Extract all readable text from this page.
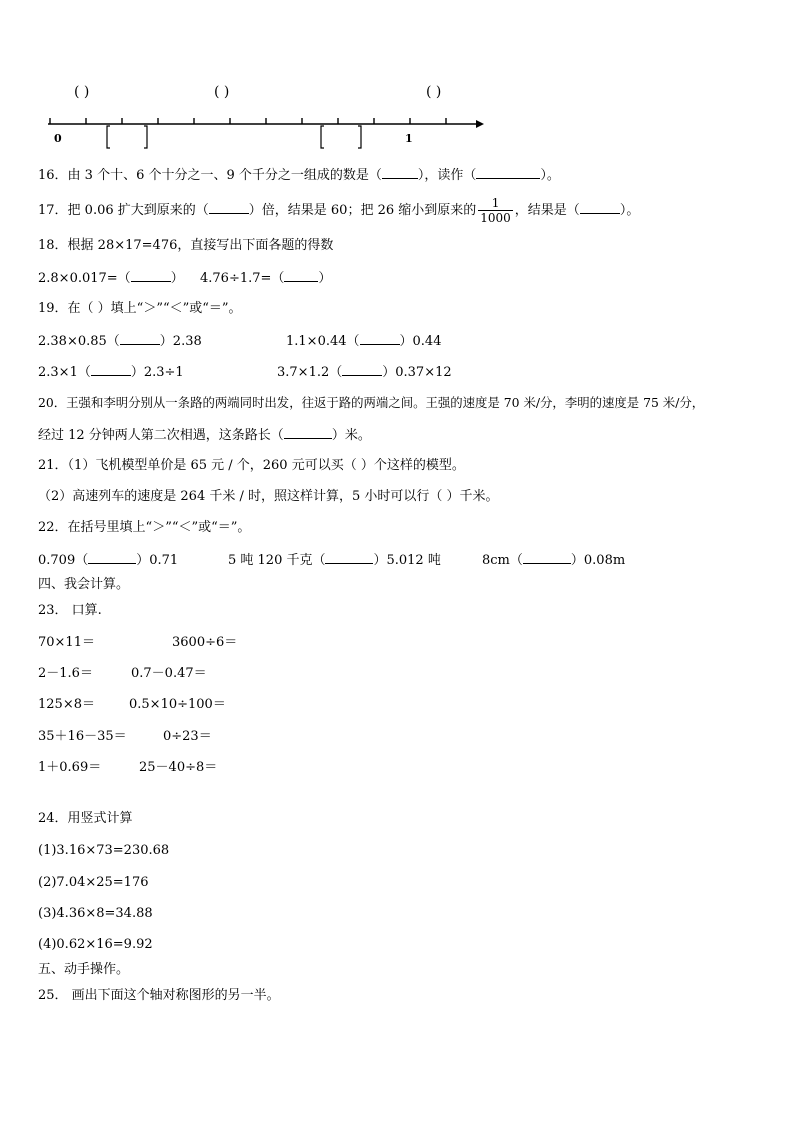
0	1
( )	( )	( )
16．由 3 个十、6 个十分之一、9 个千分之一组成的数是（	），读作（	）。
17．把 0.06 扩大到原来的（	）倍，结果是 60；把 26 缩小到原来的 $\frac{1}{1000}$ ，结果是（	）。
18．根据 28×17=476，直接写出下面各题的得数
2.8×0.017=（	） 4.76÷1.7=（	）
19．在（ ）填上“＞”“＜”或“＝”。
2.38×0.85（	）2.38	1.1×0.44（	）0.44
2.3×1（	）2.3÷1	3.7×1.2（	）0.37×12
20．王强和李明分别从一条路的两端同时出发，往返于路的两端之间。王强的速度是 70 米/分，李明的速度是 75 米/分，
经过 12 分钟两人第二次相遇，这条路长（	）米。
21．（1）飞机模型单价是 65 元 / 个，260 元可以买（ ）个这样的模型。
（2）高速列车的速度是 264 千米 / 时，照这样计算，5 小时可以行（ ）千米。
22．在括号里填上“＞”“＜”或“＝”。
0.709（	）0.71	5 吨 120 千克（	）5.012 吨	8cm（	）0.08m
四、我会计算。
23． 口算.
70×11＝	3600÷6＝
2－1.6＝	0.7－0.47＝
125×8＝	0.5×10÷100＝
35＋16－35＝	0÷23＝
1＋0.69＝	25－40÷8＝
24．用竖式计算
(1)3.16×73=230.68
(2)7.04×25=176
(3)4.36×8=34.88
(4)0.62×16=9.92
五、动手操作。
25． 画出下面这个轴对称图形的另一半。
